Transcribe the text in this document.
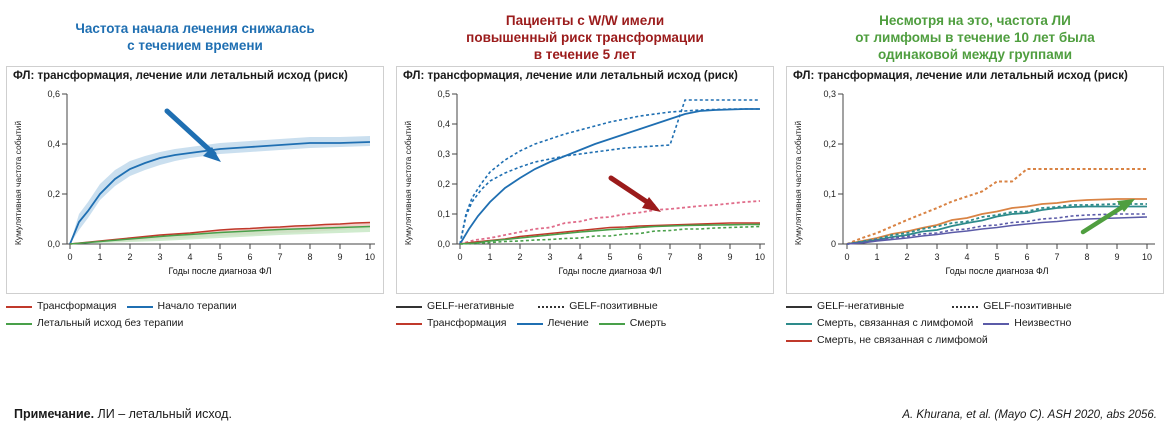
Частота начала лечения снижалась
с течением времени
ФЛ: трансформация, лечение или летальный исход (риск)
0,0
0,2
0,4
0,6
0	1	2	3	4	5	6	7	8	9 10
Годы после диагноза ФЛ
Кумулятивная частота событий
Трансформация	Начало терапии
Летальный исход без терапии
Пациенты с W/W имели
повышенный риск трансформации
в течение 5 лет
ФЛ: трансформация, лечение или летальный исход (риск)
0,0
0,1
0,2
0,3
0,4
0,5
0	1	2	3	4	5	6	7	8	9 10
Годы после диагноза ФЛ
Кумулятивная частота событий
GELF-негативные	GELF-позитивные
Трансформация	Лечение	Смерть
Несмотря на это, частота ЛИ
от лимфомы в течение 10 лет была
одинаковой между группами
ФЛ: трансформация, лечение или летальный исход (риск)
0
0,1
0,2
0,3
0	1	2	3	4	5	6	7	8	9 10
Годы после диагноза ФЛ
Кумулятивная частота событий
GELF-негативные	GELF-позитивные
Смерть, связанная с лимфомой	Неизвестно
Смерть, не связанная с лимфомой
Примечание. ЛИ – летальный исход.	A. Khurana, et al. (Mayo C). ASH 2020, abs 2056.
